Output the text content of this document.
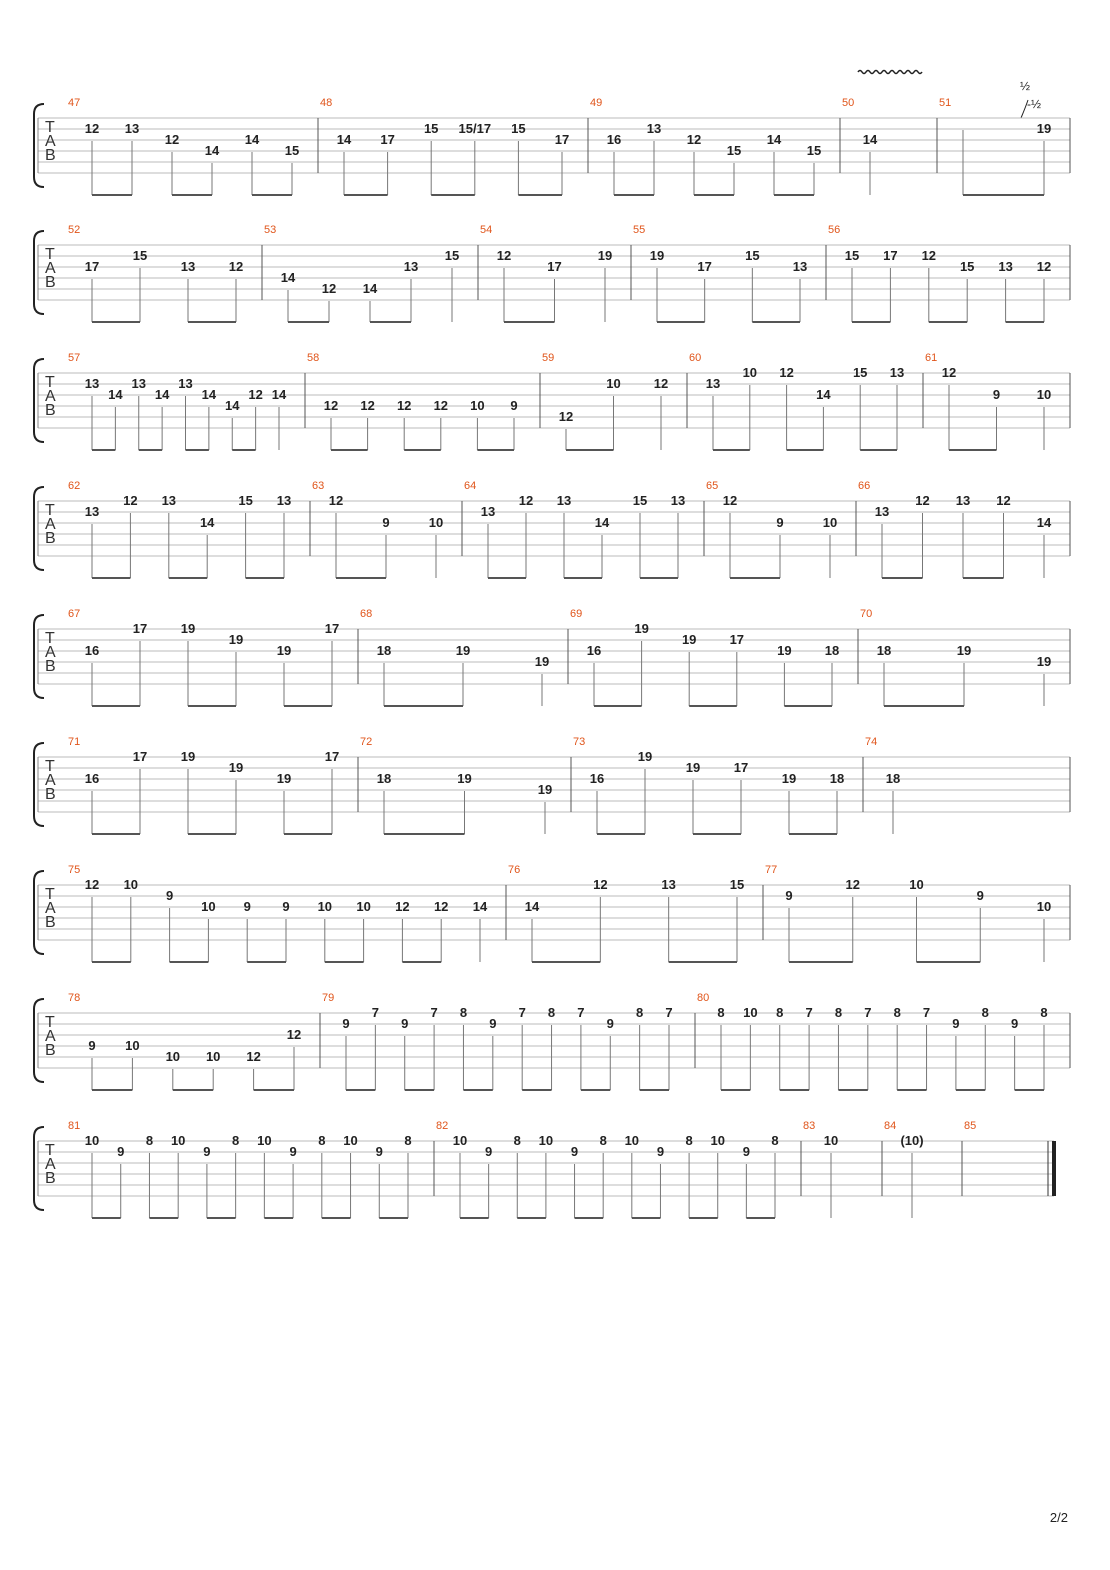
½
-½
T
A
B
47
12 13
12
14
14
15
48
14 17
15 15/17 15
17
49
16
13
12
15
14
15
50
14
51
19
T
A
B
52
17
15
13	12
53
14
12 14
13
15
54
12
17
19
55
19
17
15
13
56
15 17 12
15 13 12
T
A
B
57
13
14
13
14
13
14
14
12 14
58
12 12 12 12 10 9
59
12
10	12
60
13
10 12
14
15 13
61
12
9	10
T
A
B
62
13
12 13
14
15 13
63
12
9	10
64
13
12 13
14
15 13
65
12
9	10
66
13
12 13 12
14
T
A
B
67
16
17	19
19
19
17
68
18	19
19
69
16
19
19	17
19	18
70
18	19
19
T
A
B
71
16
17	19
19
19
17
72
18	19
19
73
16
19
19	17
19	18
74
18
T
A
B
75
12 10
9
10 9 9 10 10 12 12 14
76
14
12	13	15
77
9
12	10
9
10
T
A
B
78
9 10
10 10 12
12
79
9
7
9
7 8
9
7 8 7
9
8 7
80
8 10 8 7 8 7 8 7
9
8
9
8
T
A
B
81
10
9
8 10
9
8 10
9
8 10
9
8
82
10
9
8 10
9
8 10
9
8 10
9
8
83
10
84
(10)
85
2/2
